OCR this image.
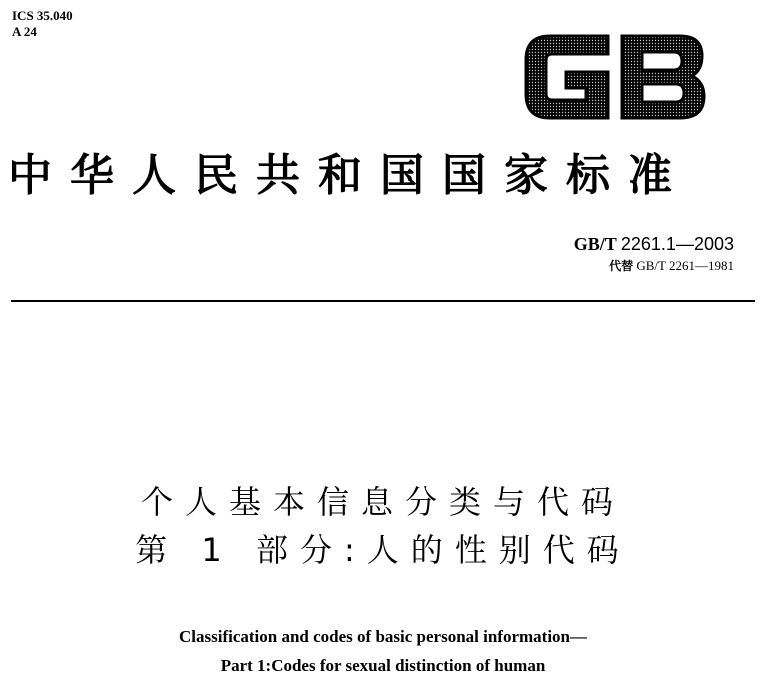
ICS 35.040
A 24
中华人民共和国国家标准
GB/T 2261.1—2003
代替 GB/T 2261—1981
个人基本信息分类与代码
第 1 部分:人的性别代码
Classification and codes of basic personal information—
Part 1:Codes for sexual distinction of human
